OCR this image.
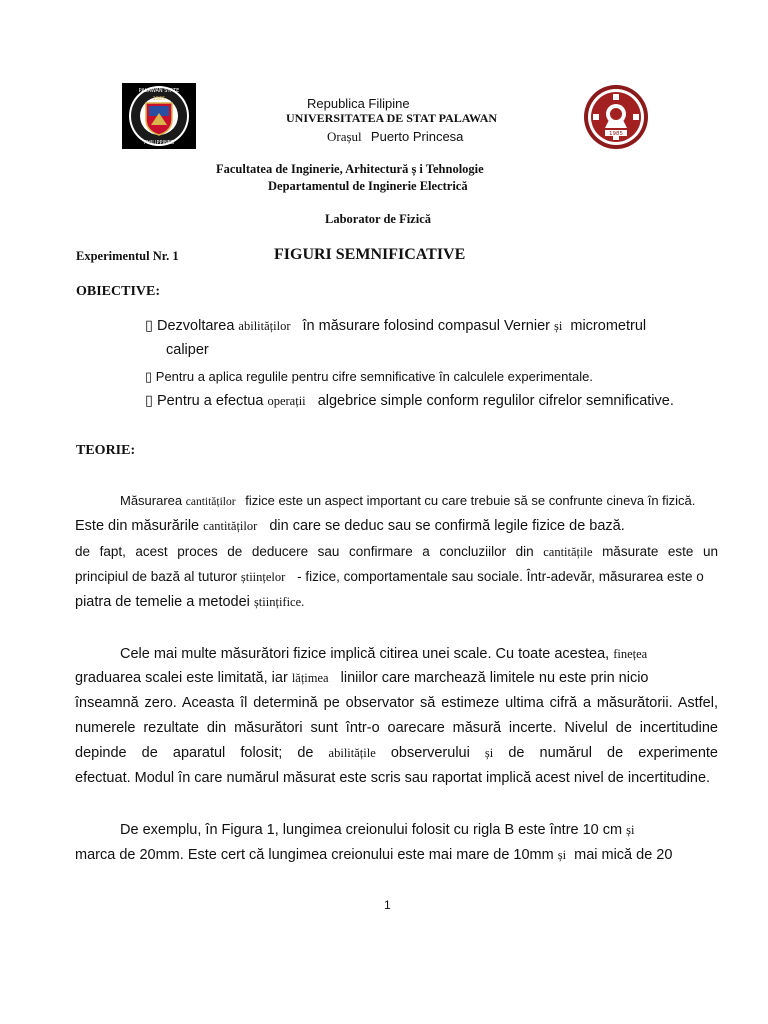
1965
PALAWAN STATE
PHILIPPINES
Republica Filipine
UNIVERSITATEA DE STAT PALAWAN
Orașul Puerto Princesa	1985
Facultatea de Inginerie, Arhitectură ș i Tehnologie
Departamentul de Inginerie Electrică
Laborator de Fizică
Experimentul Nr. 1	FIGURI SEMNIFICATIVE
OBIECTIVE:
▯ Dezvoltarea abilităților în măsurare folosind compasul Vernier și micrometrul
caliper
▯ Pentru a aplica regulile pentru cifre semnificative în calculele experimentale.
▯ Pentru a efectua operații algebrice simple conform regulilor cifrelor semnificative.
TEORIE:
Măsurarea cantităților fizice este un aspect important cu care trebuie să se confrunte cineva în fizică.
Este din măsurările cantităților din care se deduc sau se confirmă legile fizice de bază.
de fapt, acest proces de deducere sau confirmare a concluziilor din cantitățile măsurate este un
principiul de bază al tuturor științelor - fizice, comportamentale sau sociale. Într-adevăr, măsurarea este o
piatra de temelie a metodei științifice.
Cele mai multe măsurători fizice implică citirea unei scale. Cu toate acestea, finețea
graduarea scalei este limitată, iar lățimea liniilor care marchează limitele nu este prin nicio
înseamnă zero. Aceasta îl determină pe observator să estimeze ultima cifră a măsurătorii. Astfel,
numerele rezultate din măsurători sunt într-o oarecare măsură incerte. Nivelul de incertitudine
depinde de aparatul folosit; de abilitățile observerului și de numărul de experimente
efectuat. Modul în care numărul măsurat este scris sau raportat implică acest nivel de incertitudine.
De exemplu, în Figura 1, lungimea creionului folosit cu rigla B este între 10 cm și
marca de 20mm. Este cert că lungimea creionului este mai mare de 10mm și mai mică de 20
1
